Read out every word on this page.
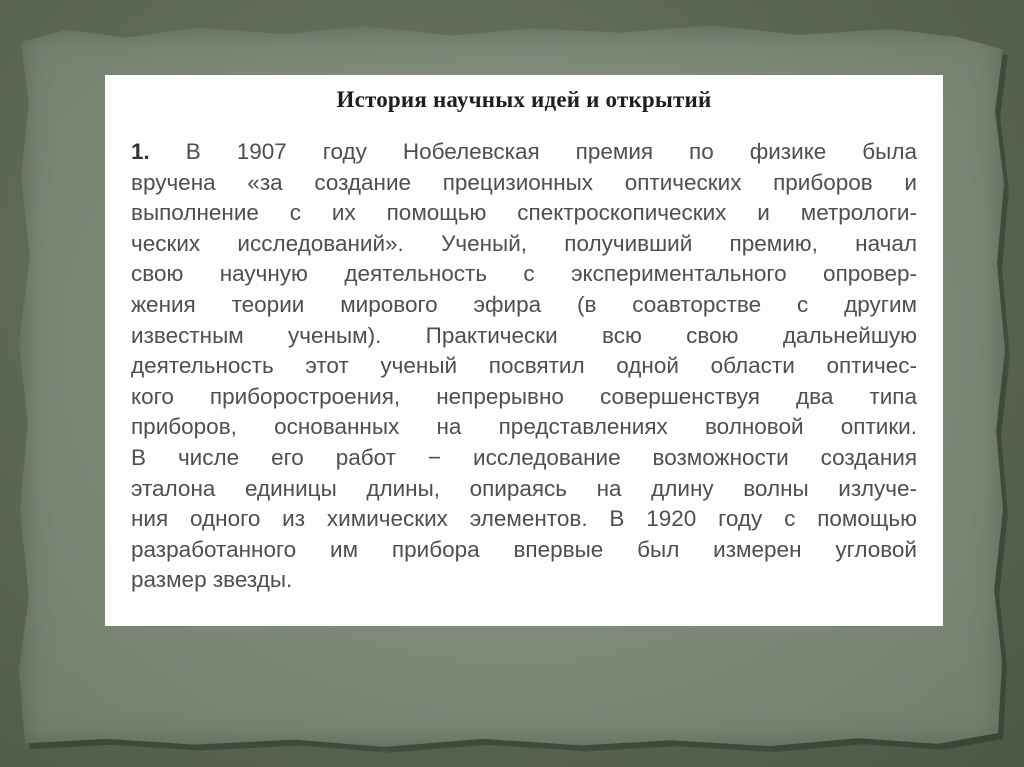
История научных идей и открытий
1. В 1907 году Нобелевская премия по физике была
вручена «за создание прецизионных оптических приборов и
выполнение с их помощью спектроскопических и метрологи-
ческих исследований». Ученый, получивший премию, начал
свою научную деятельность с экспериментального опровер-
жения теории мирового эфира (в соавторстве с другим
известным ученым). Практически всю свою дальнейшую
деятельность этот ученый посвятил одной области оптичес-
кого приборостроения, непрерывно совершенствуя два типа
приборов, основанных на представлениях волновой оптики.
В числе его работ − исследование возможности создания
эталона единицы длины, опираясь на длину волны излуче-
ния одного из химических элементов. В 1920 году с помощью
разработанного им прибора впервые был измерен угловой
размер звезды.
